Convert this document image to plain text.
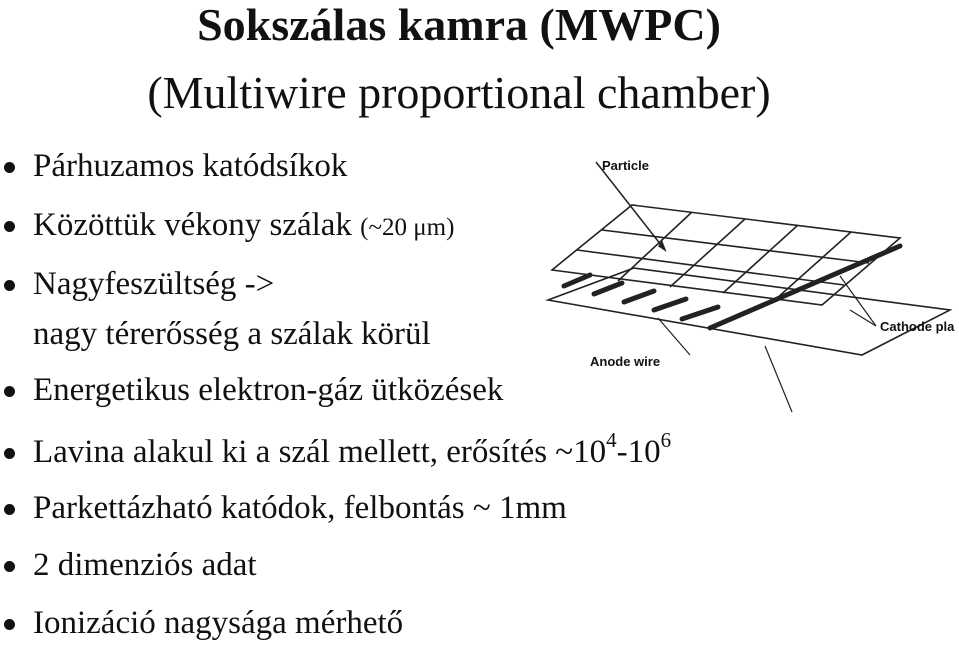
Sokszálas kamra (MWPC)
(Multiwire proportional chamber)
Párhuzamos katódsíkok
Közöttük vékony szálak (~20 μm)
Nagyfeszültség ->
nagy térerősség a szálak körül
Energetikus elektron-gáz ütközések
Lavina alakul ki a szál mellett, erősítés $\sim 10^4-10^6$
Parkettázható katódok, felbontás ~ 1mm
2 dimenziós adat
Ionizáció nagysága mérhető
Particle
Cathode pla
Anode wire
